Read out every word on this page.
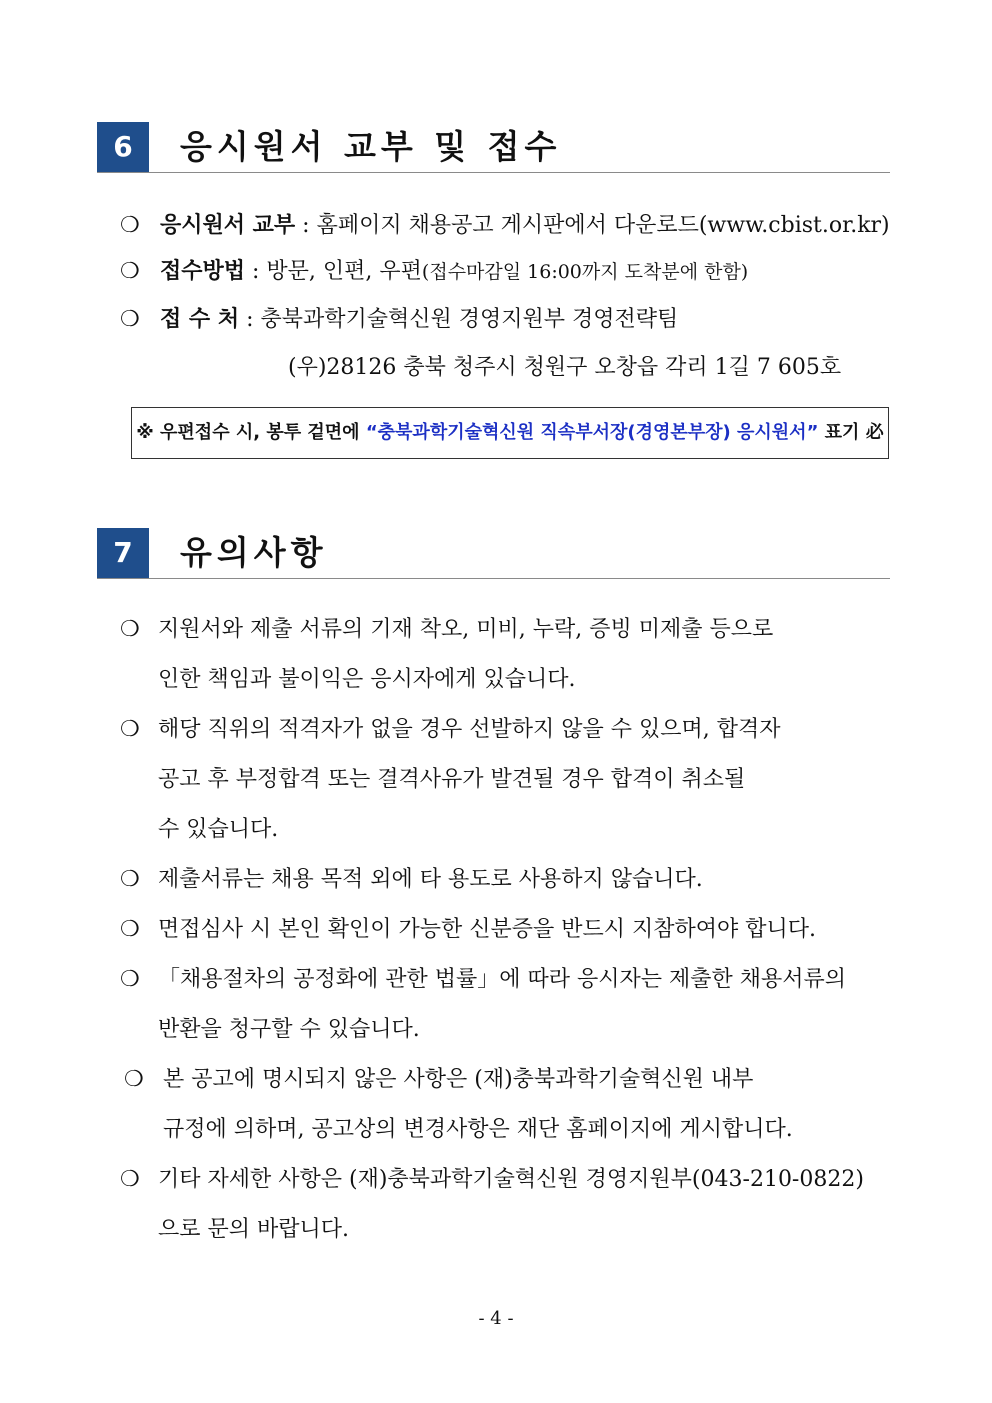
6	응시원서 교부 및 접수
❍ 응시원서 교부 : 홈페이지 채용공고 게시판에서 다운로드(www.cbist.or.kr)
❍ 접수방법 : 방문, 인편, 우편(접수마감일 16:00까지 도착분에 한함)
❍ 접 수 처 : 충북과학기술혁신원 경영지원부 경영전략팀
(우)28126 충북 청주시 청원구 오창읍 각리 1길 7 605호
※ 우편접수 시, 봉투 겉면에 “충북과학기술혁신원 직속부서장(경영본부장) 응시원서” 표기 必
7	유의사항
❍ 지원서와 제출 서류의 기재 착오, 미비, 누락, 증빙 미제출 등으로
인한 책임과 불이익은 응시자에게 있습니다.
❍ 해당 직위의 적격자가 없을 경우 선발하지 않을 수 있으며, 합격자
공고 후 부정합격 또는 결격사유가 발견될 경우 합격이 취소될
수 있습니다.
❍ 제출서류는 채용 목적 외에 타 용도로 사용하지 않습니다.
❍ 면접심사 시 본인 확인이 가능한 신분증을 반드시 지참하여야 합니다.
❍ 「채용절차의 공정화에 관한 법률」에 따라 응시자는 제출한 채용서류의
반환을 청구할 수 있습니다.
❍ 본 공고에 명시되지 않은 사항은 (재)충북과학기술혁신원 내부
규정에 의하며, 공고상의 변경사항은 재단 홈페이지에 게시합니다.
❍ 기타 자세한 사항은 (재)충북과학기술혁신원 경영지원부(043-210-0822)
으로 문의 바랍니다.
- 4 -
